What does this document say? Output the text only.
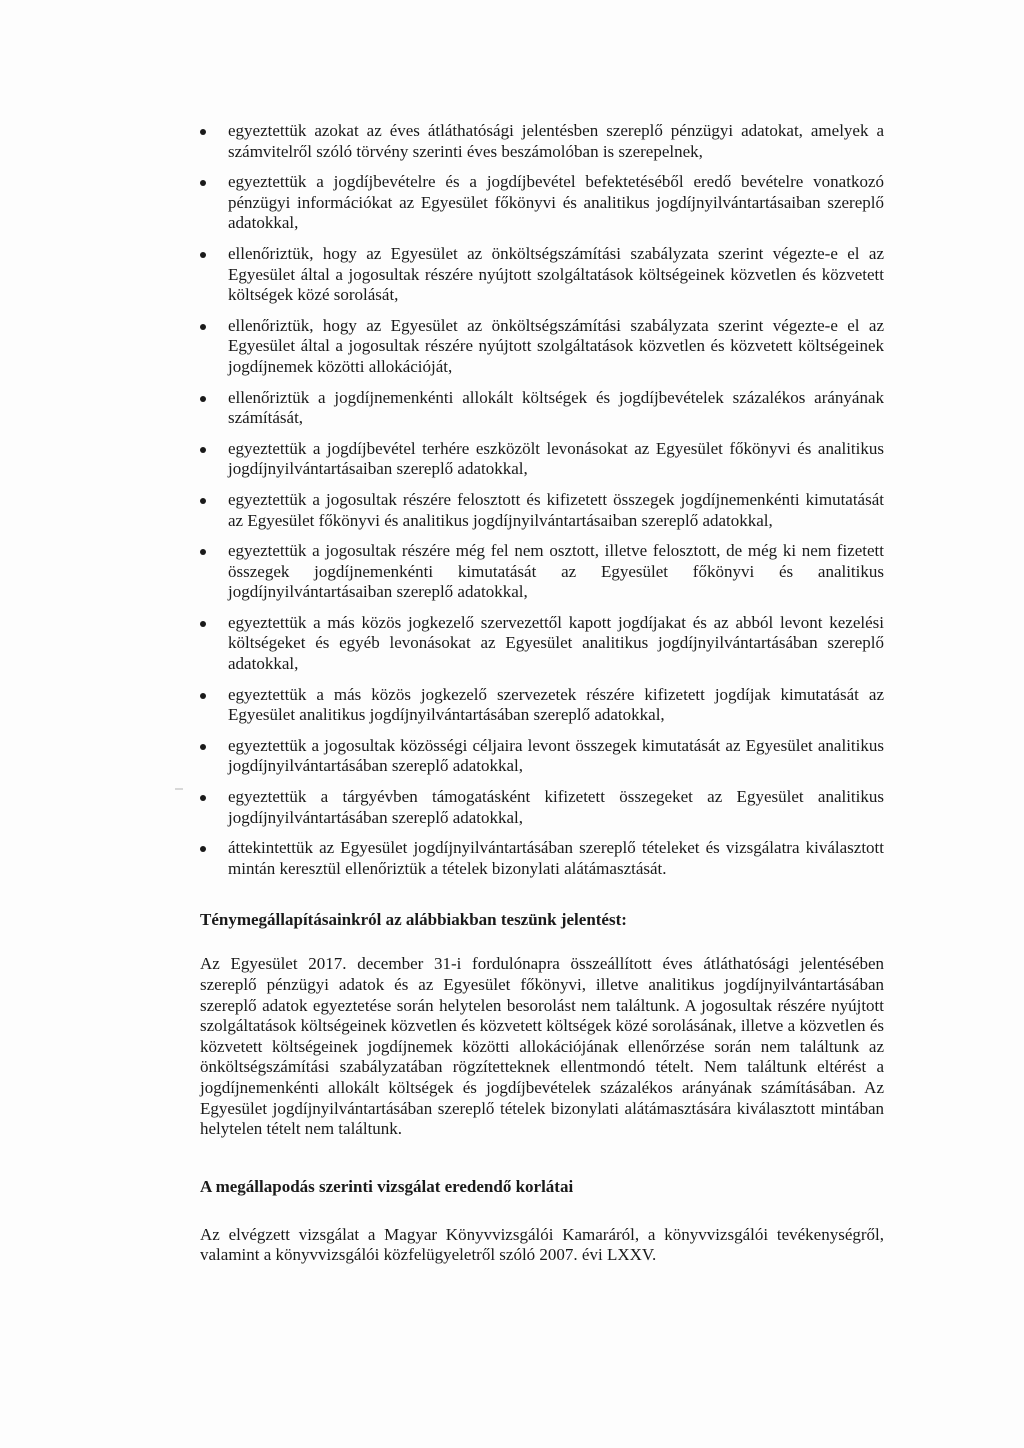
egyeztettük azokat az éves átláthatósági jelentésben szereplő pénzügyi adatokat, amelyek a számvitelről szóló törvény szerinti éves beszámolóban is szerepelnek,
egyeztettük a jogdíjbevételre és a jogdíjbevétel befektetéséből eredő bevételre vonatkozó pénzügyi információkat az Egyesület főkönyvi és analitikus jogdíjnyilvántartásaiban szereplő adatokkal,
ellenőriztük, hogy az Egyesület az önköltségszámítási szabályzata szerint végezte-e el az Egyesület által a jogosultak részére nyújtott szolgáltatások költségeinek közvetlen és közvetett költségek közé sorolását,
ellenőriztük, hogy az Egyesület az önköltségszámítási szabályzata szerint végezte-e el az Egyesület által a jogosultak részére nyújtott szolgáltatások közvetlen és közvetett költségeinek jogdíjnemek közötti allokációját,
ellenőriztük a jogdíjnemenkénti allokált költségek és jogdíjbevételek százalékos arányának számítását,
egyeztettük a jogdíjbevétel terhére eszközölt levonásokat az Egyesület főkönyvi és analitikus jogdíjnyilvántartásaiban szereplő adatokkal,
egyeztettük a jogosultak részére felosztott és kifizetett összegek jogdíjnemenkénti kimutatását az Egyesület főkönyvi és analitikus jogdíjnyilvántartásaiban szereplő adatokkal,
egyeztettük a jogosultak részére még fel nem osztott, illetve felosztott, de még ki nem fizetett összegek jogdíjnemenkénti kimutatását az Egyesület főkönyvi és analitikus jogdíjnyilvántartásaiban szereplő adatokkal,
egyeztettük a más közös jogkezelő szervezettől kapott jogdíjakat és az abból levont kezelési költségeket és egyéb levonásokat az Egyesület analitikus jogdíjnyilvántartásában szereplő adatokkal,
egyeztettük a más közös jogkezelő szervezetek részére kifizetett jogdíjak kimutatását az Egyesület analitikus jogdíjnyilvántartásában szereplő adatokkal,
egyeztettük a jogosultak közösségi céljaira levont összegek kimutatását az Egyesület analitikus jogdíjnyilvántartásában szereplő adatokkal,
egyeztettük a tárgyévben támogatásként kifizetett összegeket az Egyesület analitikus jogdíjnyilvántartásában szereplő adatokkal,
áttekintettük az Egyesület jogdíjnyilvántartásában szereplő tételeket és vizsgálatra kiválasztott mintán keresztül ellenőriztük a tételek bizonylati alátámasztását.
Ténymegállapításainkról az alábbiakban teszünk jelentést:

Az Egyesület 2017. december 31-i fordulónapra összeállított éves átláthatósági jelentésében szereplő pénzügyi adatok és az Egyesület főkönyvi, illetve analitikus jogdíjnyilvántartásában szereplő adatok egyeztetése során helytelen besorolást nem találtunk. A jogosultak részére nyújtott szolgáltatások költségeinek közvetlen és közvetett költségek közé sorolásának, illetve a közvetlen és közvetett költségeinek jogdíjnemek közötti allokációjának ellenőrzése során nem találtunk az önköltségszámítási szabályzatában rögzítetteknek ellentmondó tételt. Nem találtunk eltérést a jogdíjnemenkénti allokált költségek és jogdíjbevételek százalékos arányának számításában. Az Egyesület jogdíjnyilvántartásában szereplő tételek bizonylati alátámasztására kiválasztott mintában helytelen tételt nem találtunk.

A megállapodás szerinti vizsgálat eredendő korlátai

Az elvégzett vizsgálat a Magyar Könyvvizsgálói Kamaráról, a könyvvizsgálói tevékenységről, valamint a könyvvizsgálói közfelügyeletről szóló 2007. évi LXXV.
